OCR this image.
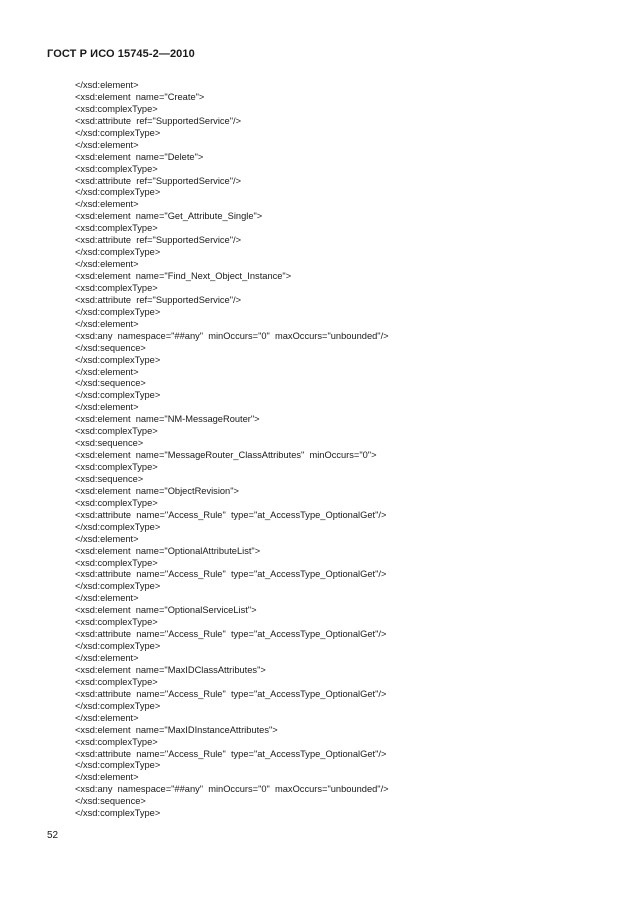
ГОСТ Р ИСО 15745-2—2010
</xsd:element>
<xsd:element  name="Create">
<xsd:complexType>
<xsd:attribute  ref="SupportedService"/>
</xsd:complexType>
</xsd:element>
<xsd:element  name="Delete">
<xsd:complexType>
<xsd:attribute  ref="SupportedService"/>
</xsd:complexType>
</xsd:element>
<xsd:element  name="Get_Attribute_Single">
<xsd:complexType>
<xsd:attribute  ref="SupportedService"/>
</xsd:complexType>
</xsd:element>
<xsd:element  name="Find_Next_Object_Instance">
<xsd:complexType>
<xsd:attribute  ref="SupportedService"/>
</xsd:complexType>
</xsd:element>
<xsd:any  namespace="##any"  minOccurs="0"  maxOccurs="unbounded"/>
</xsd:sequence>
</xsd:complexType>
</xsd:element>
</xsd:sequence>
</xsd:complexType>
</xsd:element>
<xsd:element  name="NM-MessageRouter">
<xsd:complexType>
<xsd:sequence>
<xsd:element  name="MessageRouter_ClassAttributes"  minOccurs="0">
<xsd:complexType>
<xsd:sequence>
<xsd:element  name="ObjectRevision">
<xsd:complexType>
<xsd:attribute  name="Access_Rule"  type="at_AccessType_OptionalGet"/>
</xsd:complexType>
</xsd:element>
<xsd:element  name="OptionalAttributeList">
<xsd:complexType>
<xsd:attribute  name="Access_Rule"  type="at_AccessType_OptionalGet"/>
</xsd:complexType>
</xsd:element>
<xsd:element  name="OptionalServiceList">
<xsd:complexType>
<xsd:attribute  name="Access_Rule"  type="at_AccessType_OptionalGet"/>
</xsd:complexType>
</xsd:element>
<xsd:element  name="MaxIDClassAttributes">
<xsd:complexType>
<xsd:attribute  name="Access_Rule"  type="at_AccessType_OptionalGet"/>
</xsd:complexType>
</xsd:element>
<xsd:element  name="MaxIDInstanceAttributes">
<xsd:complexType>
<xsd:attribute  name="Access_Rule"  type="at_AccessType_OptionalGet"/>
</xsd:complexType>
</xsd:element>
<xsd:any  namespace="##any"  minOccurs="0"  maxOccurs="unbounded"/>
</xsd:sequence>
</xsd:complexType>
52
